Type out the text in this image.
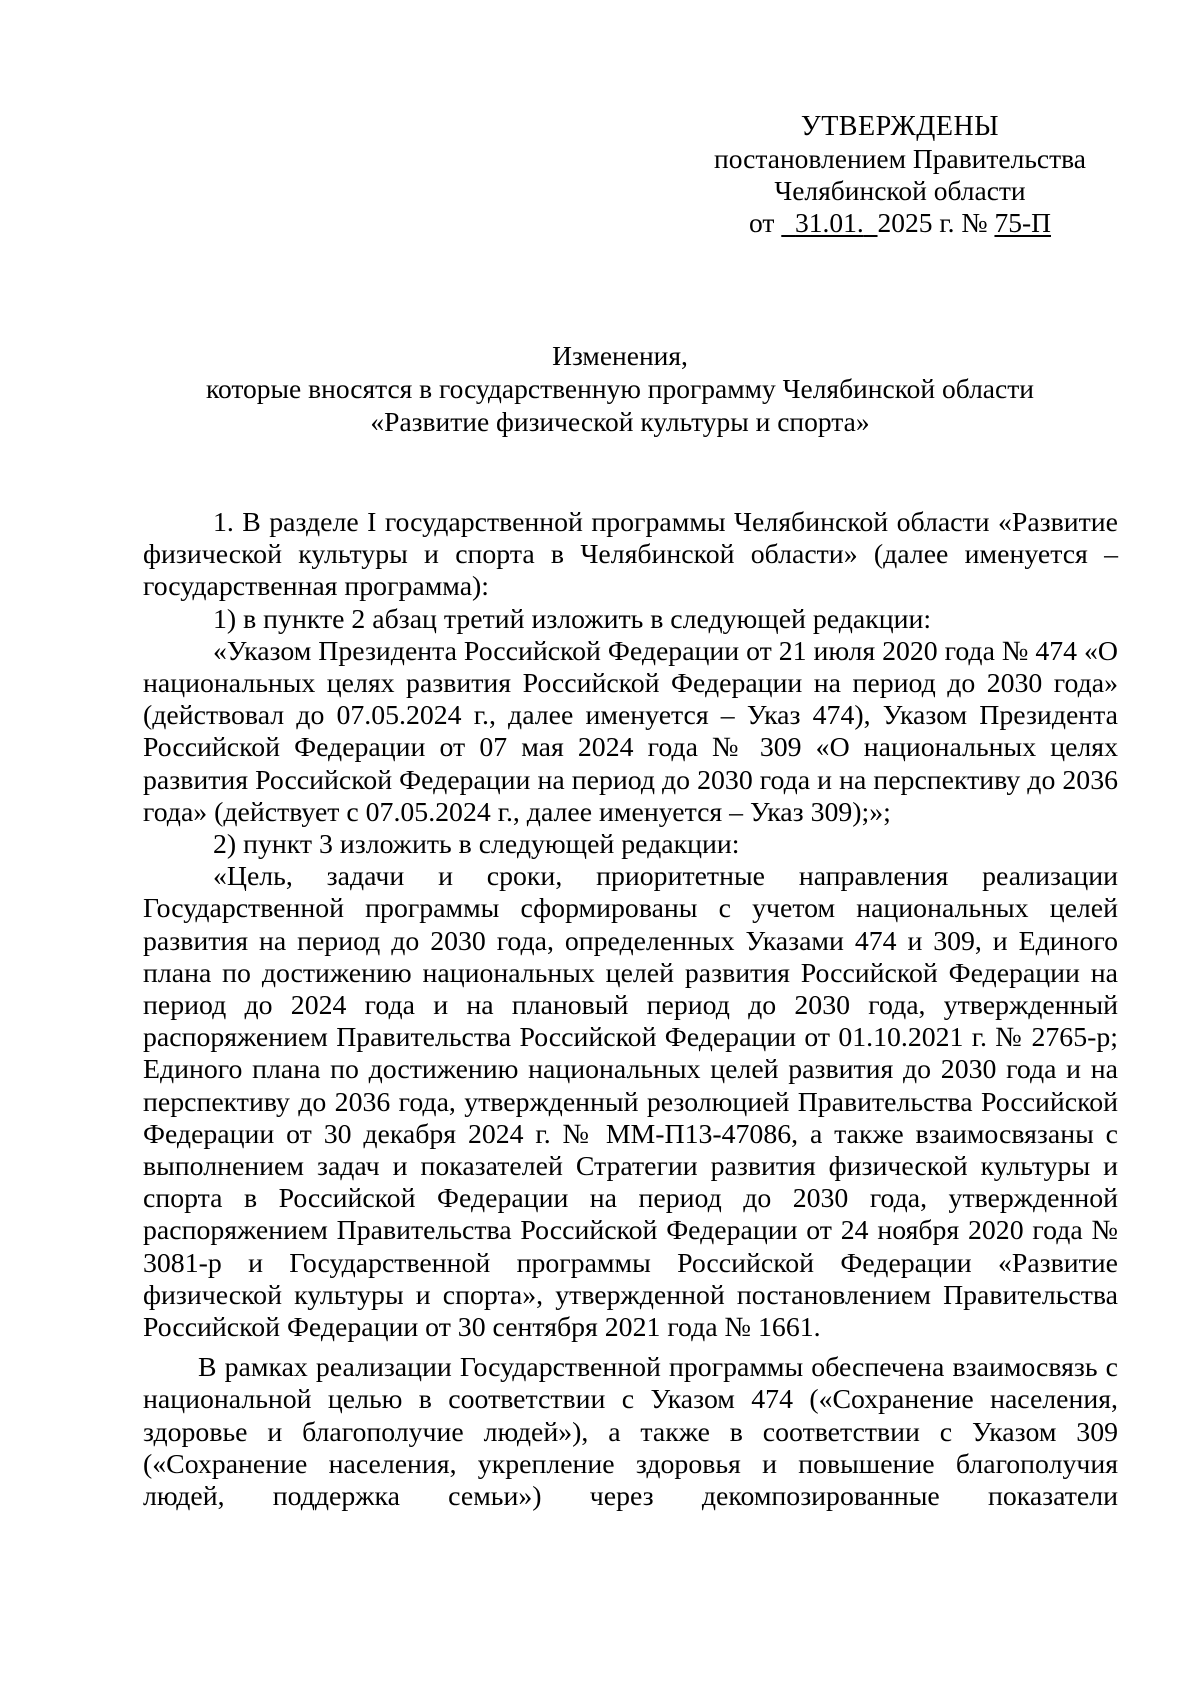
УТВЕРЖДЕНЫ
постановлением Правительства
Челябинской области
от 31.01. 2025 г. № 75-П
Изменения,
которые вносятся в государственную программу Челябинской области
«Развитие физической культуры и спорта»

1. В разделе I государственной программы Челябинской области «Развитие физической культуры и спорта в Челябинской области» (далее именуется – государственная программа):

1) в пункте 2 абзац третий изложить в следующей редакции:

«Указом Президента Российской Федерации от 21 июля 2020 года № 474 «О национальных целях развития Российской Федерации на период до 2030 года» (действовал до 07.05.2024 г., далее именуется – Указ 474), Указом Президента Российской Федерации от 07 мая 2024 года № 309 «О национальных целях развития Российской Федерации на период до 2030 года и на перспективу до 2036 года» (действует с 07.05.2024 г., далее именуется – Указ 309);»;

2) пункт 3 изложить в следующей редакции:

«Цель, задачи и сроки, приоритетные направления реализации Государственной программы сформированы с учетом национальных целей развития на период до 2030 года, определенных Указами 474 и 309, и Единого плана по достижению национальных целей развития Российской Федерации на период до 2024 года и на плановый период до 2030 года, утвержденный распоряжением Правительства Российской Федерации от 01.10.2021 г. № 2765-р; Единого плана по достижению национальных целей развития до 2030 года и на перспективу до 2036 года, утвержденный резолюцией Правительства Российской Федерации от 30 декабря 2024 г. № ММ-П13-47086, а также взаимосвязаны с выполнением задач и показателей Стратегии развития физической культуры и спорта в Российской Федерации на период до 2030 года, утвержденной распоряжением Правительства Российской Федерации от 24 ноября 2020 года № 3081-р и Государственной программы Российской Федерации «Развитие физической культуры и спорта», утвержденной постановлением Правительства Российской Федерации от 30 сентября 2021 года № 1661.

В рамках реализации Государственной программы обеспечена взаимосвязь с национальной целью в соответствии с Указом 474 («Сохранение населения, здоровье и благополучие людей»), а также в соответствии с Указом 309 («Сохранение населения, укрепление здоровья и повышение благополучия людей, поддержка семьи») через декомпозированные показатели
